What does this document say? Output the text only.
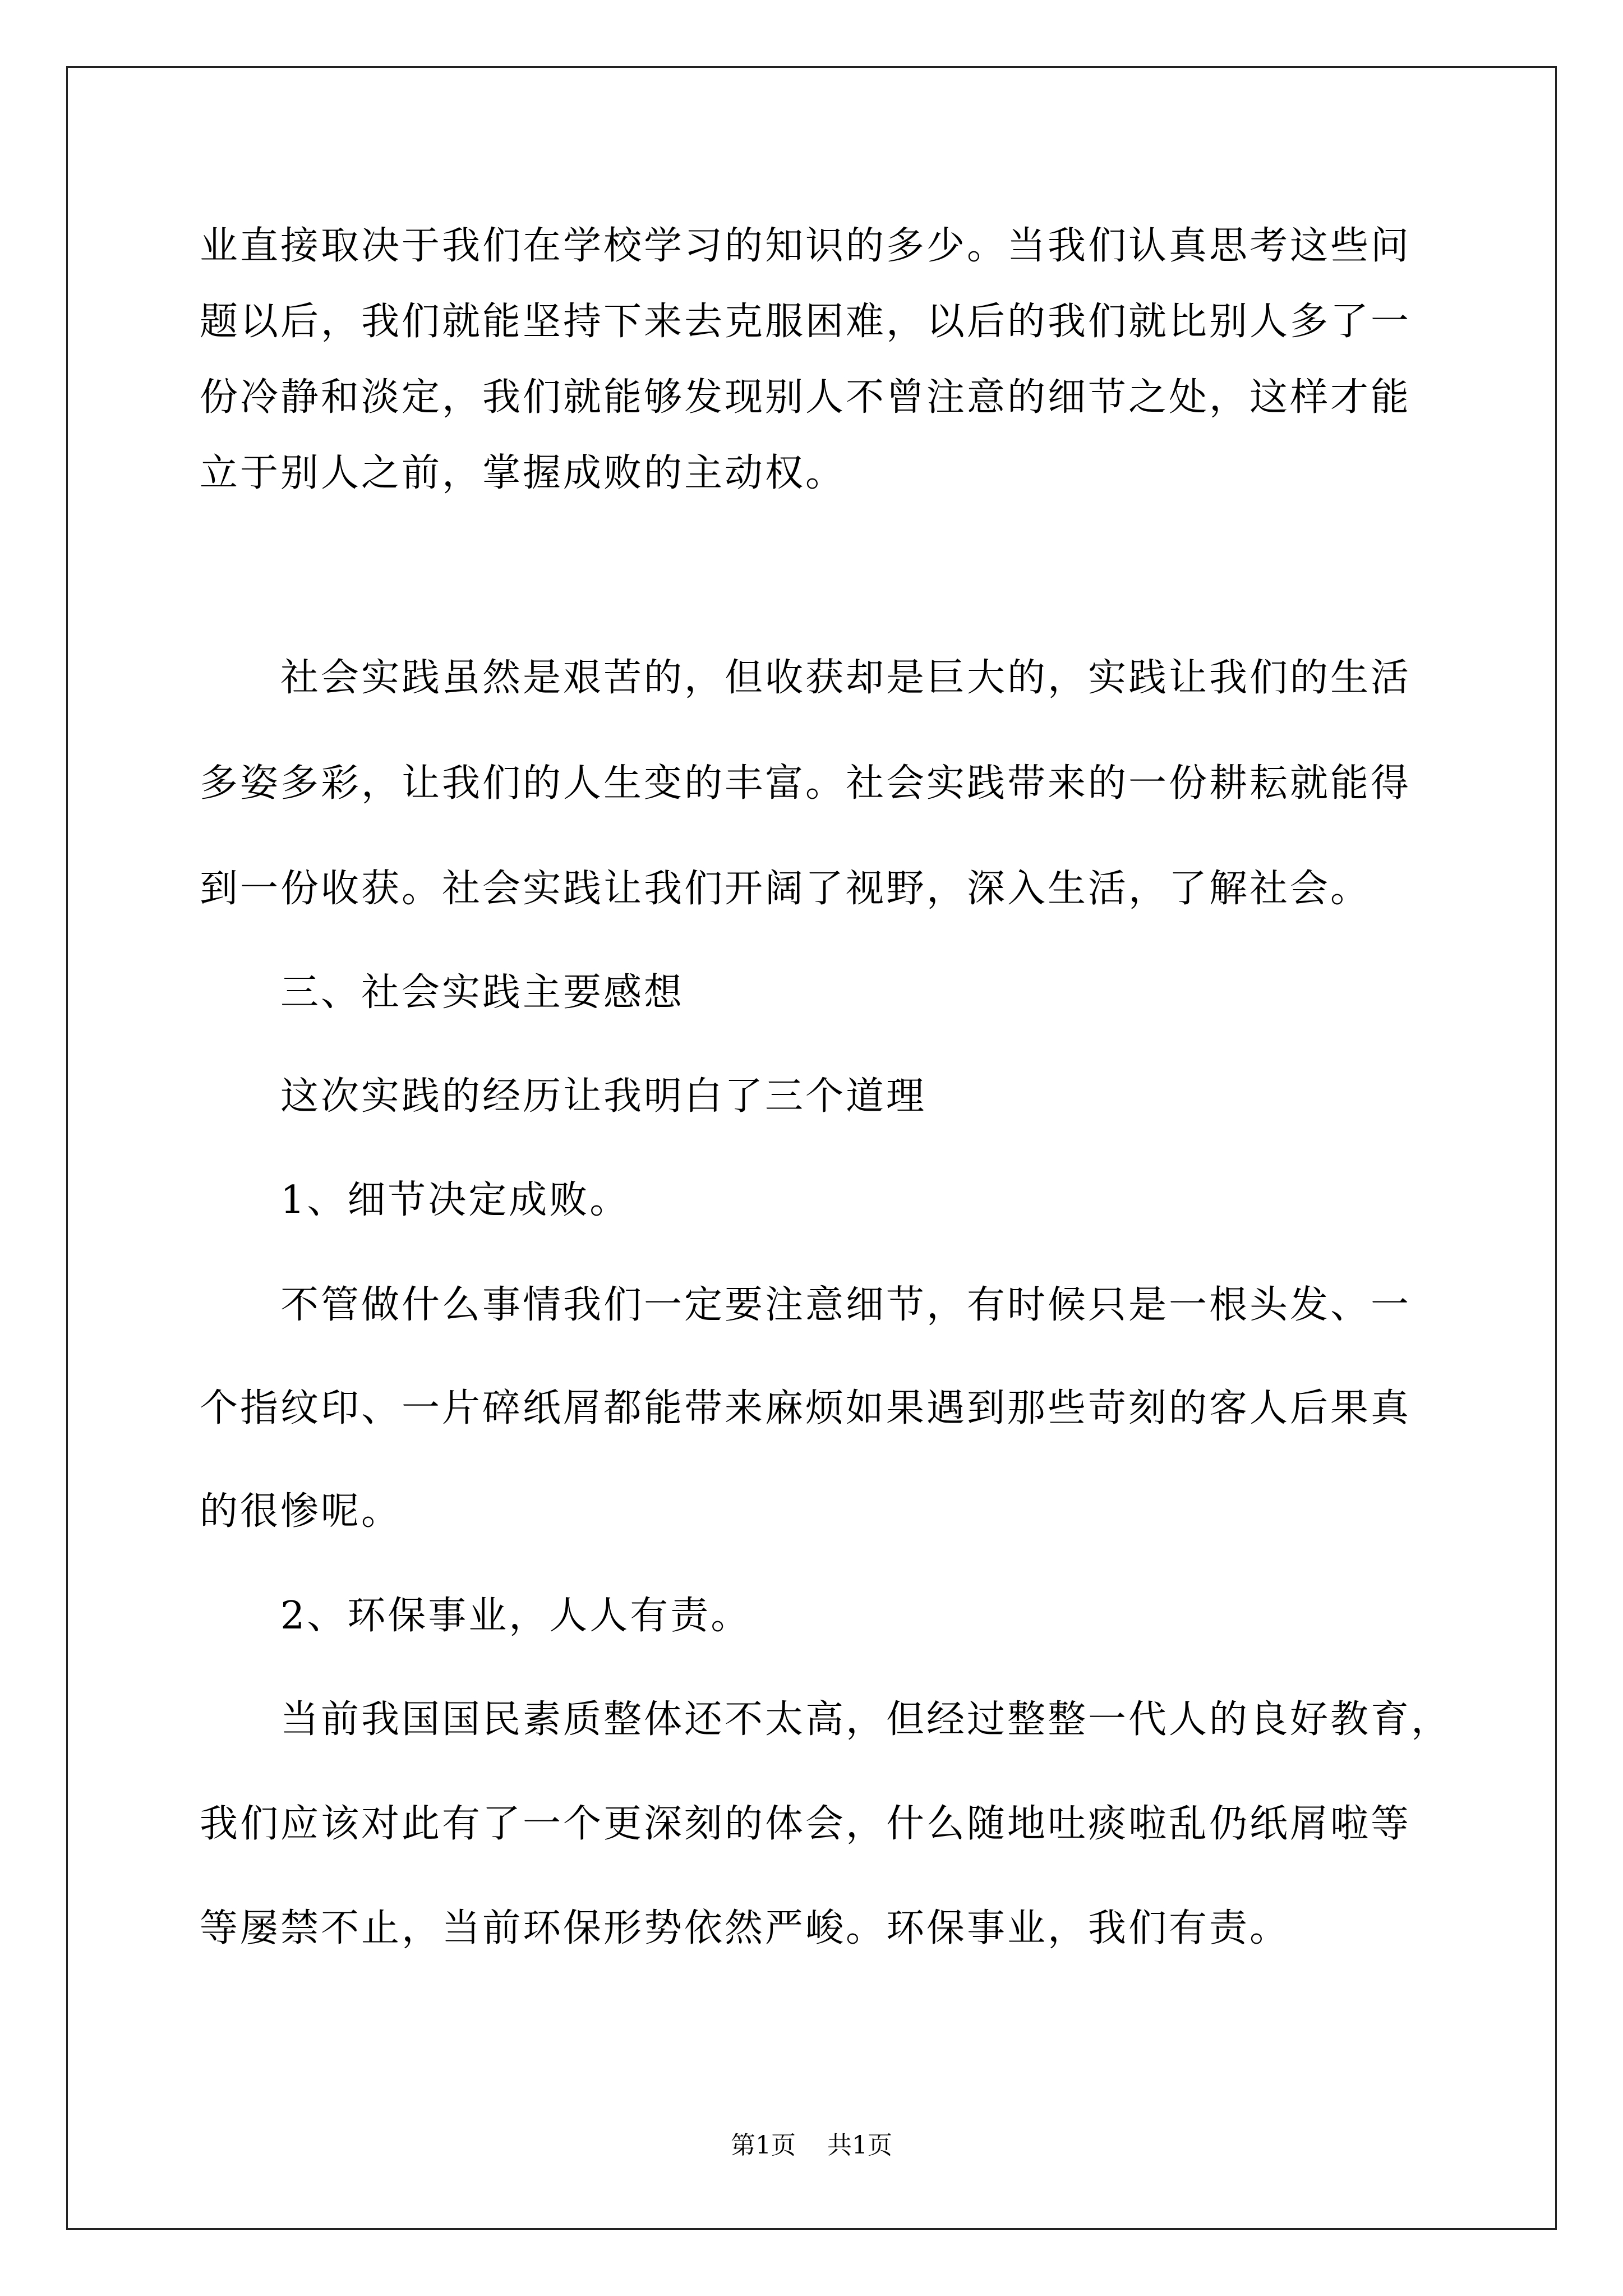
业直接取决于我们在学校学习的知识的多少。当我们认真思考这些问
题以后，我们就能坚持下来去克服困难，以后的我们就比别人多了一
份冷静和淡定，我们就能够发现别人不曾注意的细节之处，这样才能
立于别人之前，掌握成败的主动权。
社会实践虽然是艰苦的，但收获却是巨大的，实践让我们的生活
多姿多彩，让我们的人生变的丰富。社会实践带来的一份耕耘就能得
到一份收获。社会实践让我们开阔了视野，深入生活，了解社会。
三、社会实践主要感想
这次实践的经历让我明白了三个道理
1、细节决定成败。
不管做什么事情我们一定要注意细节，有时候只是一根头发、一
个指纹印、一片碎纸屑都能带来麻烦如果遇到那些苛刻的客人后果真
的很惨呢。
2、环保事业，人人有责。
当前我国国民素质整体还不太高，但经过整整一代人的良好教育，
我们应该对此有了一个更深刻的体会，什么随地吐痰啦乱仍纸屑啦等
等屡禁不止，当前环保形势依然严峻。环保事业，我们有责。
第1页 共1页
